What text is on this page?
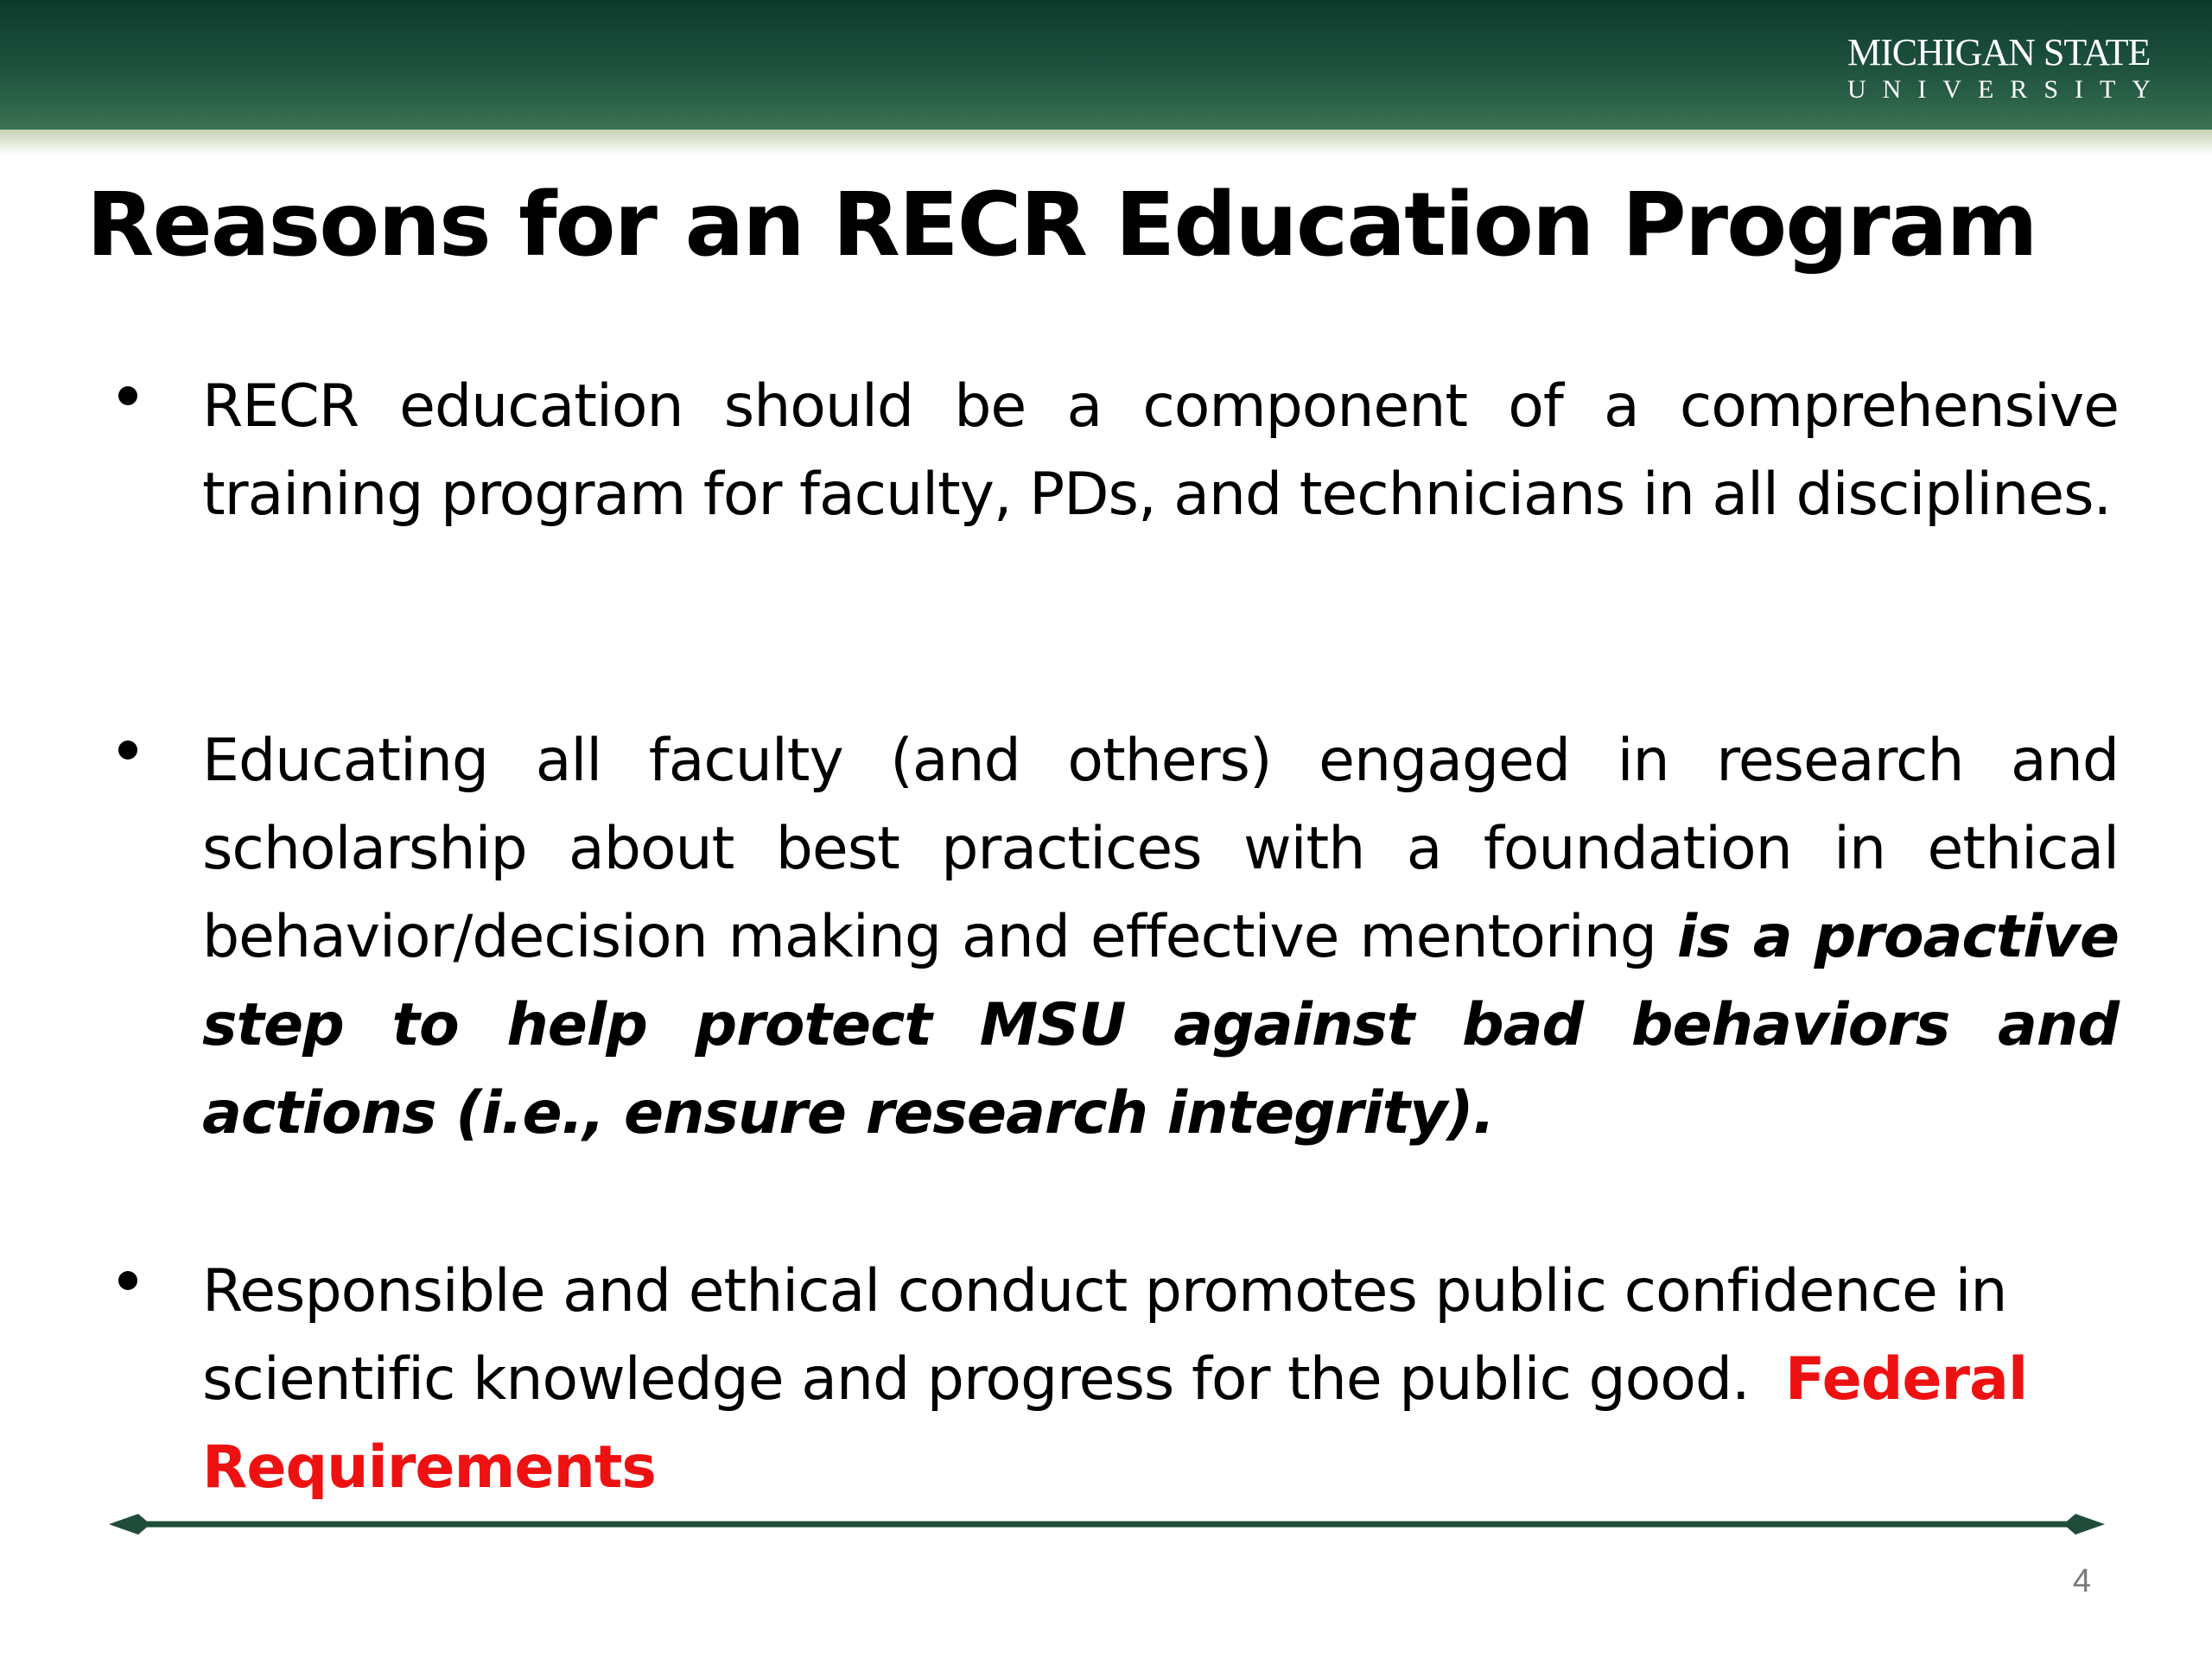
MICHIGAN STATE
UNIVERSITY
Reasons for an RECR Education Program

RECR education should be a component of a comprehensive training program for faculty, PDs, and technicians in all disciplines.

Educating all faculty (and others) engaged in research and scholarship about best practices with a foundation in ethical behavior/decision making and effective mentoring is a proactive step to help protect MSU against bad behaviors and actions (i.e., ensure research integrity).

Responsible and ethical conduct promotes public confidence in scientific knowledge and progress for the public good. Federal Requirements

4
